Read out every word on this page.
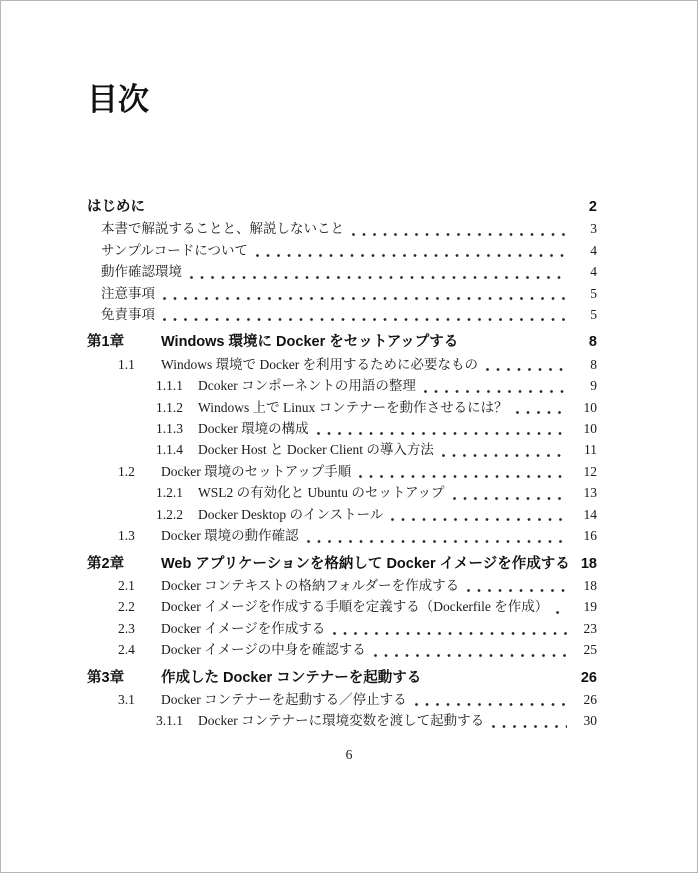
目次
はじめに	2
本書で解説することと、解説しないこと	3
サンプルコードについて	4
動作確認環境	4
注意事項	5
免責事項	5
第1章	Windows 環境に Docker をセットアップする	8
1.1	Windows 環境で Docker を利用するために必要なもの	8
1.1.1	Dcoker コンポーネントの用語の整理	9
1.1.2	Windows 上で Linux コンテナーを動作させるには？	10
1.1.3	Docker 環境の構成	10
1.1.4	Docker Host と Docker Client の導入方法	11
1.2	Docker 環境のセットアップ手順	12
1.2.1	WSL2 の有効化と Ubuntu のセットアップ	13
1.2.2	Docker Desktop のインストール	14
1.3	Docker 環境の動作確認	16
第2章	Web アプリケーションを格納して Docker イメージを作成する 18
2.1	Docker コンテキストの格納フォルダーを作成する	18
2.2	Docker イメージを作成する手順を定義する（Dockerfile を作成）	19
2.3	Docker イメージを作成する	23
2.4	Docker イメージの中身を確認する	25
第3章	作成した Docker コンテナーを起動する	26
3.1	Docker コンテナーを起動する／停止する	26
3.1.1	Docker コンテナーに環境変数を渡して起動する	30
6
